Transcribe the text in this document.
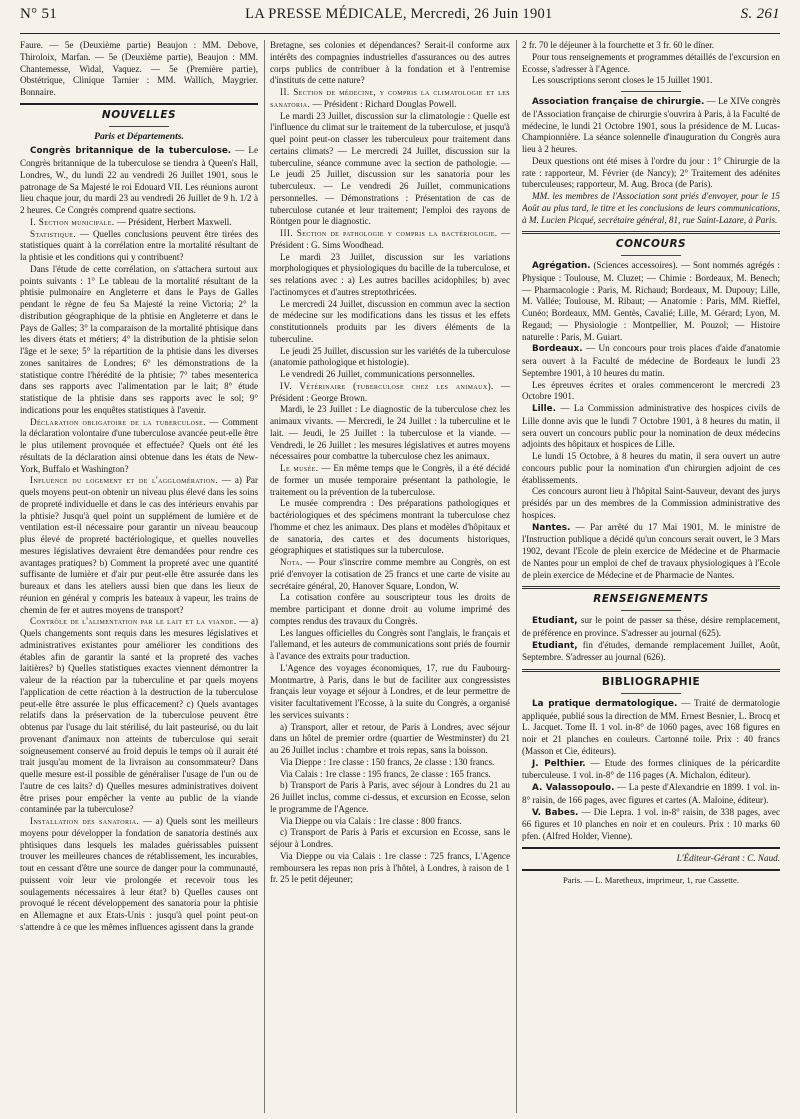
N° 51	LA PRESSE MÉDICALE, Mercredi, 26 Juin 1901	S. 261

Faure. — 5e (Deuxième partie) Beaujon : MM. Debove, Thiroloix, Marfan. — 5e (Deuxième partie), Beaujon : MM. Chantemesse, Widal, Vaquez. — 5e (Première partie), Obstétrique, Clinique Tarnier : MM. Wallich, Maygrier. Bonnaire.

NOUVELLES
Paris et Départements.

Congrès britannique de la tuberculose. — Le Congrès britannique de la tuberculose se tiendra à Queen's Hall, Londres, W., du lundi 22 au vendredi 26 Juillet 1901, sous le patronage de Sa Majesté le roi Edouard VII. Les réunions auront lieu chaque jour, du mardi 23 au vendredi 26 Juillet de 9 h. 1/2 à 2 heures. Ce Congrès comprend quatre sections.

I. Section municipale. — Président, Herbert Maxwell.

Statistique. — Quelles conclusions peuvent être tirées des statistiques quant à la corrélation entre la mortalité résultant de la phtisie et les conditions qui y contribuent?

Dans l'étude de cette corrélation, on s'attachera surtout aux points suivants : 1° Le tableau de la mortalité résultant de la phtisie pulmonaire en Angleterre et dans le Pays de Galles pendant le règne de feu Sa Majesté la reine Victoria; 2° la distribution géographique de la phtisie en Angleterre et dans le Pays de Galles; 3° la comparaison de la mortalité phtisique dans les divers états et métiers; 4° la distribution de la phtisie selon l'âge et le sexe; 5° la répartition de la phtisie dans les diverses zones sanitaires de Londres; 6° les démonstrations de la statistique contre l'hérédité de la phtisie; 7° tabes mesenterica dans ses rapports avec l'alimentation par le lait; 8° étude statistique de la phtisie dans ses rapports avec le sol; 9° indications pour les enquêtes statistiques à l'avenir.

Déclaration obligatoire de la tuberculose. — Comment la déclaration volontaire d'une tuberculose avancée peut-elle être le plus utilement provoquée et effectuée? Quels ont été les résultats de la déclaration ainsi obtenue dans les états de New-York, Buffalo et Washington?

Influence du logement et de l'agglomération. — a) Par quels moyens peut-on obtenir un niveau plus élevé dans les soins de propreté individuelle et dans le cas des intérieurs envahis par la phtisie? Jusqu'à quel point un supplément de lumière et de ventilation est-il nécessaire pour garantir un niveau beaucoup plus élevé de propreté bactériologique, et quelles nouvelles mesures législatives devraient être demandées pour rendre ces avantages pratiques? b) Comment la propreté avec une quantité suffisante de lumière et d'air pur peut-elle être assurée dans les bureaux et dans les ateliers aussi bien que dans les lieux de réunion en général y compris les bateaux à vapeur, les trains de chemin de fer et autres moyens de transport?

Contrôle de l'alimentation par le lait et la viande. — a) Quels changements sont requis dans les mesures législatives et administratives existantes pour améliorer les conditions des étables afin de garantir la santé et la propreté des vaches laitières? b) Quelles statistiques exactes viennent démontrer la valeur de la réaction par la tuberculine et par quels moyens l'application de cette réaction à la destruction de la tuberculose peut-elle être assurée le plus efficacement? c) Quels avantages relatifs dans la préservation de la tuberculose peuvent être obtenus par l'usage du lait stérilisé, du lait pasteurisé, ou du lait provenant d'animaux non atteints de tuberculose qui serait soigneusement conservé au froid depuis le temps où il aurait été trait jusqu'au moment de la livraison au consommateur? Dans quelle mesure est-il possible de généraliser l'usage de l'un ou de l'autre de ces laits? d) Quelles mesures administratives doivent être prises pour empêcher la vente au public de la viande contaminée par la tuberculose?

Installation des sanatoria. — a) Quels sont les meilleurs moyens pour développer la fondation de sanatoria destinés aux phtisiques dans lesquels les malades guérissables puissent trouver les meilleures chances de rétablissement, les incurables, tout en cessant d'être une source de danger pour la communauté, puissent voir leur vie prolongée et recevoir tous les soulagements nécessaires à leur état? b) Quelles causes ont provoqué le récent développement des sanatoria pour la phtisie en Allemagne et aux Etats-Unis : jusqu'à quel point peut-on s'attendre à ce que les mêmes influences agissent dans la grande

Bretagne, ses colonies et dépendances? Serait-il conforme aux intérêts des compagnies industrielles d'assurances ou des autres corps publics de contribuer à la fondation et à l'entremise d'instituts de cette nature?

II. Section de médecine, y compris la climatologie et les sanatoria. — Président : Richard Douglas Powell.

Le mardi 23 Juillet, discussion sur la climatologie : Quelle est l'influence du climat sur le traitement de la tuberculose, et jusqu'à quel point peut-on classer les tuberculeux pour traitement dans certains climats? — Le mercredi 24 Juillet, discussion sur la tuberculine, séance commune avec la section de pathologie. — Le jeudi 25 Juillet, discussion sur les sanatoria pour les tuberculeux. — Le vendredi 26 Juillet, communications personnelles. — Démonstrations : Présentation de cas de tuberculose cutanée et leur traitement; l'emploi des rayons de Röntgen pour le diagnostic.

III. Section de pathologie y compris la bactériologie. — Président : G. Sims Woodhead.

Le mardi 23 Juillet, discussion sur les variations morphologiques et physiologiques du bacille de la tuberculose, et ses relations avec : a) Les autres bacilles acidophiles; b) avec l'actinomyces et d'autres streptothricées.

Le mercredi 24 Juillet, discussion en commun avec la section de médecine sur les modifications dans les tissus et les effets constitutionnels produits par les divers éléments de la tuberculine.

Le jeudi 25 Juillet, discussion sur les variétés de la tuberculose (anatomie pathologique et histologie).

Le vendredi 26 Juillet, communications personnelles.

IV. Vétérinaire (tuberculose chez les animaux). — Président : George Brown.

Mardi, le 23 Juillet : Le diagnostic de la tuberculose chez les animaux vivants. — Mercredi, le 24 Juillet : la tuberculine et le lait. — Jeudi, le 25 Juillet : la tuberculose et la viande. — Vendredi, le 26 Juillet : les mesures législatives et autres moyens nécessaires pour combattre la tuberculose chez les animaux.

Le musée. — En même temps que le Congrès, il a été décidé de former un musée temporaire présentant la pathologie, le traitement ou la prévention de la tuberculose.

Le musée comprendra : Des préparations pathologiques et bactériologiques et des spécimens montrant la tuberculose chez l'homme et chez les animaux. Des plans et modèles d'hôpitaux et de sanatoria, des cartes et des documents historiques, géographiques et statistiques sur la tuberculose.

Nota. — Pour s'inscrire comme membre au Congrès, on est prié d'envoyer la cotisation de 25 francs et une carte de visite au secrétaire général, 20, Hanover Square, London, W.

La cotisation confère au souscripteur tous les droits de membre participant et donne droit au volume imprimé des comptes rendus des travaux du Congrès.

Les langues officielles du Congrès sont l'anglais, le français et l'allemand, et les auteurs de communications sont priés de fournir à l'avance des extraits pour traduction.

L'Agence des voyages économiques, 17, rue du Faubourg-Montmartre, à Paris, dans le but de faciliter aux congressistes français leur voyage et séjour à Londres, et de leur permettre de visiter facultativement l'Ecosse, à la suite du Congrès, a organisé les services suivants :

a) Transport, aller et retour, de Paris à Londres, avec séjour dans un hôtel de premier ordre (quartier de Westminster) du 21 au 26 Juillet inclus : chambre et trois repas, sans la boisson.

Via Dieppe : 1re classe : 150 francs, 2e classe : 130 francs.

Via Calais : 1re classe : 195 francs, 2e classe : 165 francs.

b) Transport de Paris à Paris, avec séjour à Londres du 21 au 26 Juillet inclus, comme ci-dessus, et excursion en Ecosse, selon le programme de l'Agence.

Via Dieppe ou via Calais : 1re classe : 800 francs.

c) Transport de Paris à Paris et excursion en Ecosse, sans le séjour à Londres.

Via Dieppe ou via Calais : 1re classe : 725 francs, L'Agence remboursera les repas non pris à l'hôtel, à Londres, à raison de 1 fr. 25 le petit déjeuner;

2 fr. 70 le déjeuner à la fourchette et 3 fr. 60 le dîner.

Pour tous renseignements et programmes détaillés de l'excursion en Ecosse, s'adresser à l'Agence.

Les souscriptions seront closes le 15 Juillet 1901.

Association française de chirurgie. — Le XIVe congrès de l'Association française de chirurgie s'ouvrira à Paris, à la Faculté de médecine, le lundi 21 Octobre 1901, sous la présidence de M. Lucas-Championnière. La séance solennelle d'inauguration du Congrès aura lieu à 2 heures.

Deux questions ont été mises à l'ordre du jour : 1° Chirurgie de la rate : rapporteur, M. Février (de Nancy); 2° Traitement des adénites tuberculeuses; rapporteur, M. Aug. Broca (de Paris).

MM. les membres de l'Association sont priés d'envoyer, pour le 15 Août au plus tard, le titre et les conclusions de leurs communications, à M. Lucien Picqué, secrétaire général, 81, rue Saint-Lazare, à Paris.

CONCOURS

Agrégation. (Sciences accessoires). — Sont nommés agrégés : Physique : Toulouse, M. Cluzet; — Chimie : Bordeaux, M. Benech; — Pharmacologie : Paris, M. Richaud; Bordeaux, M. Dupouy; Lille, M. Vallée; Toulouse, M. Ribaut; — Anatomie : Paris, MM. Rieffel, Cunéo; Bordeaux, MM. Gentès, Cavalié; Lille, M. Gérard; Lyon, M. Regaud; — Physiologie : Montpellier, M. Pouzol; — Histoire naturelle : Paris, M. Guiart.

Bordeaux. — Un concours pour trois places d'aide d'anatomie sera ouvert à la Faculté de médecine de Bordeaux le lundi 23 Septembre 1901, à 10 heures du matin.

Les épreuves écrites et orales commenceront le mercredi 23 Octobre 1901.

Lille. — La Commission administrative des hospices civils de Lille donne avis que le lundi 7 Octobre 1901, à 8 heures du matin, il sera ouvert un concours public pour la nomination de deux médecins adjoints des hôpitaux et hospices de Lille.

Le lundi 15 Octobre, à 8 heures du matin, il sera ouvert un autre concours public pour la nomination d'un chirurgien adjoint de ces établissements.

Ces concours auront lieu à l'hôpital Saint-Sauveur, devant des jurys présidés par un des membres de la Commission administrative des hospices.

Nantes. — Par arrêté du 17 Mai 1901, M. le ministre de l'Instruction publique a décidé qu'un concours serait ouvert, le 3 Mars 1902, devant l'Ecole de plein exercice de Médecine et de Pharmacie de Nantes pour un emploi de chef de travaux physiologiques à l'Ecole de plein exercice de Médecine et de Pharmacie de Nantes.

RENSEIGNEMENTS

Etudiant, sur le point de passer sa thèse, désire remplacement, de préférence en province. S'adresser au journal (625).

Etudiant, fin d'études, demande remplacement Juillet, Août, Septembre. S'adresser au journal (626).

BIBLIOGRAPHIE

La pratique dermatologique. — Traité de dermatologie appliquée, publié sous la direction de MM. Ernest Besnier, L. Brocq et L. Jacquet. Tome II. 1 vol. in-8° de 1060 pages, avec 168 figures en noir et 21 planches en couleurs. Cartonné toile. Prix : 40 francs (Masson et Cie, éditeurs).

J. Pelthier. — Etude des formes cliniques de la péricardite tuberculeuse. 1 vol. in-8° de 116 pages (A. Michalon, éditeur).

A. Valassopoulo. — La peste d'Alexandrie en 1899. 1 vol. in-8° raisin, de 166 pages, avec figures et cartes (A. Maloine, éditeur).

V. Babes. — Die Lepra. 1 vol. in-8° raisin, de 338 pages, avec 66 figures et 10 planches en noir et en couleurs. Prix : 10 marks 60 pfen. (Alfred Holder, Vienne).

L'Éditeur-Gérant : C. Naud.

Paris. — L. Maretheux, imprimeur, 1, rue Cassette.
